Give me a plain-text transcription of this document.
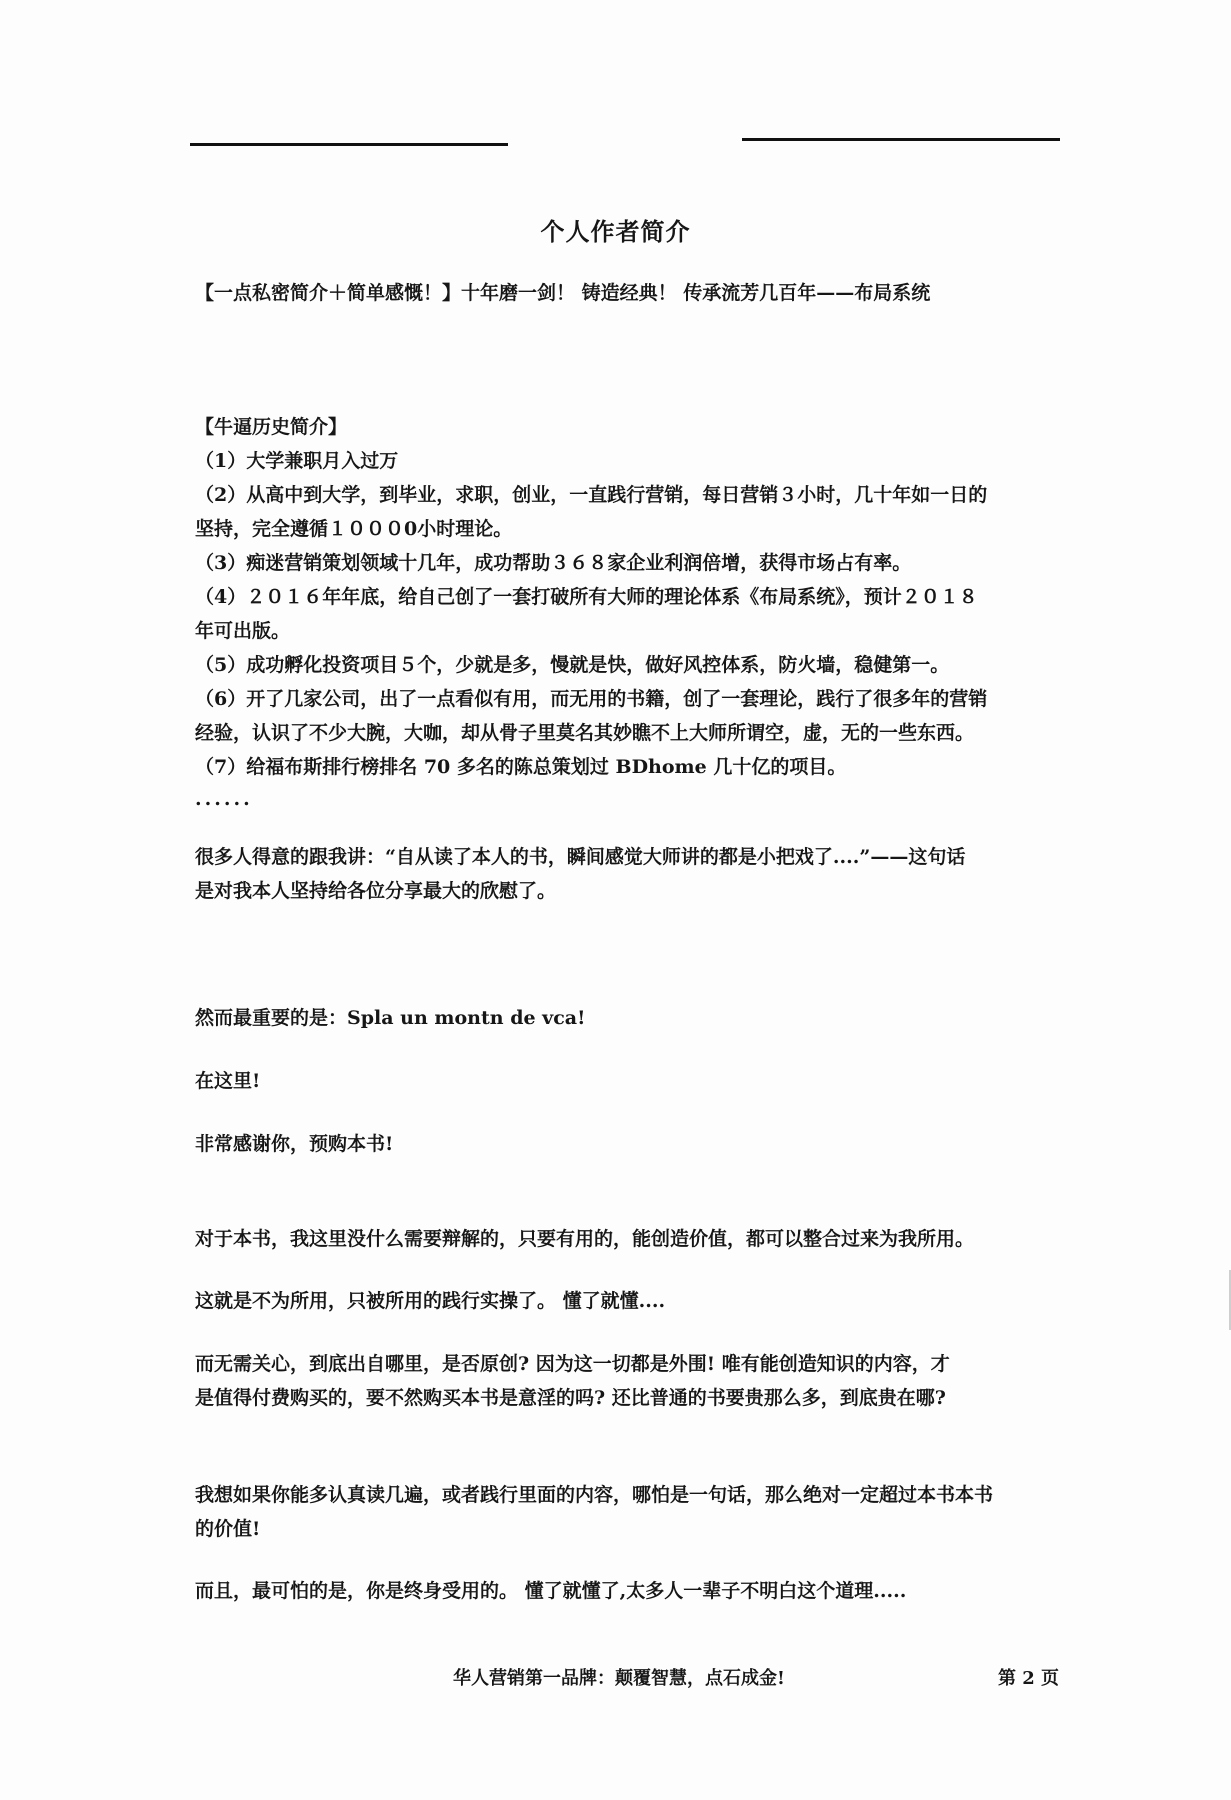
个人作者简介
【一点私密简介＋简单感慨！】十年磨一剑！ 铸造经典！ 传承流芳几百年——布局系统
【牛逼历史简介】
（1）大学兼职月入过万
（2）从高中到大学，到毕业，求职，创业，一直践行营销，每日营销３小时，几十年如一日的
坚持，完全遵循１０００0小时理论。
（3）痴迷营销策划领域十几年，成功帮助３６８家企业利润倍增，获得市场占有率。
（4）２０１６年年底，给自己创了一套打破所有大师的理论体系《布局系统》，预计２０１８
年可出版。
（5）成功孵化投资项目５个，少就是多，慢就是快，做好风控体系，防火墙，稳健第一。
（6）开了几家公司，出了一点看似有用，而无用的书籍，创了一套理论，践行了很多年的营销
经验，认识了不少大腕，大咖，却从骨子里莫名其妙瞧不上大师所谓空，虚，无的一些东西。
（7）给福布斯排行榜排名 70 多名的陈总策划过 BDhome 几十亿的项目。
......
很多人得意的跟我讲：“自从读了本人的书，瞬间感觉大师讲的都是小把戏了....”——这句话
是对我本人坚持给各位分享最大的欣慰了。
然而最重要的是：Spla un montn de vca!
在这里!
非常感谢你，预购本书!
对于本书，我这里没什么需要辩解的，只要有用的，能创造价值，都可以整合过来为我所用。
这就是不为所用，只被所用的践行实操了。 懂了就懂....
而无需关心，到底出自哪里，是否原创? 因为这一切都是外围! 唯有能创造知识的内容，才
是值得付费购买的，要不然购买本书是意淫的吗? 还比普通的书要贵那么多，到底贵在哪?
我想如果你能多认真读几遍，或者践行里面的内容，哪怕是一句话，那么绝对一定超过本书本书
的价值!
而且，最可怕的是，你是终身受用的。 懂了就懂了,太多人一辈子不明白这个道理.....
华人营销第一品牌：颠覆智慧，点石成金!	第 2 页
